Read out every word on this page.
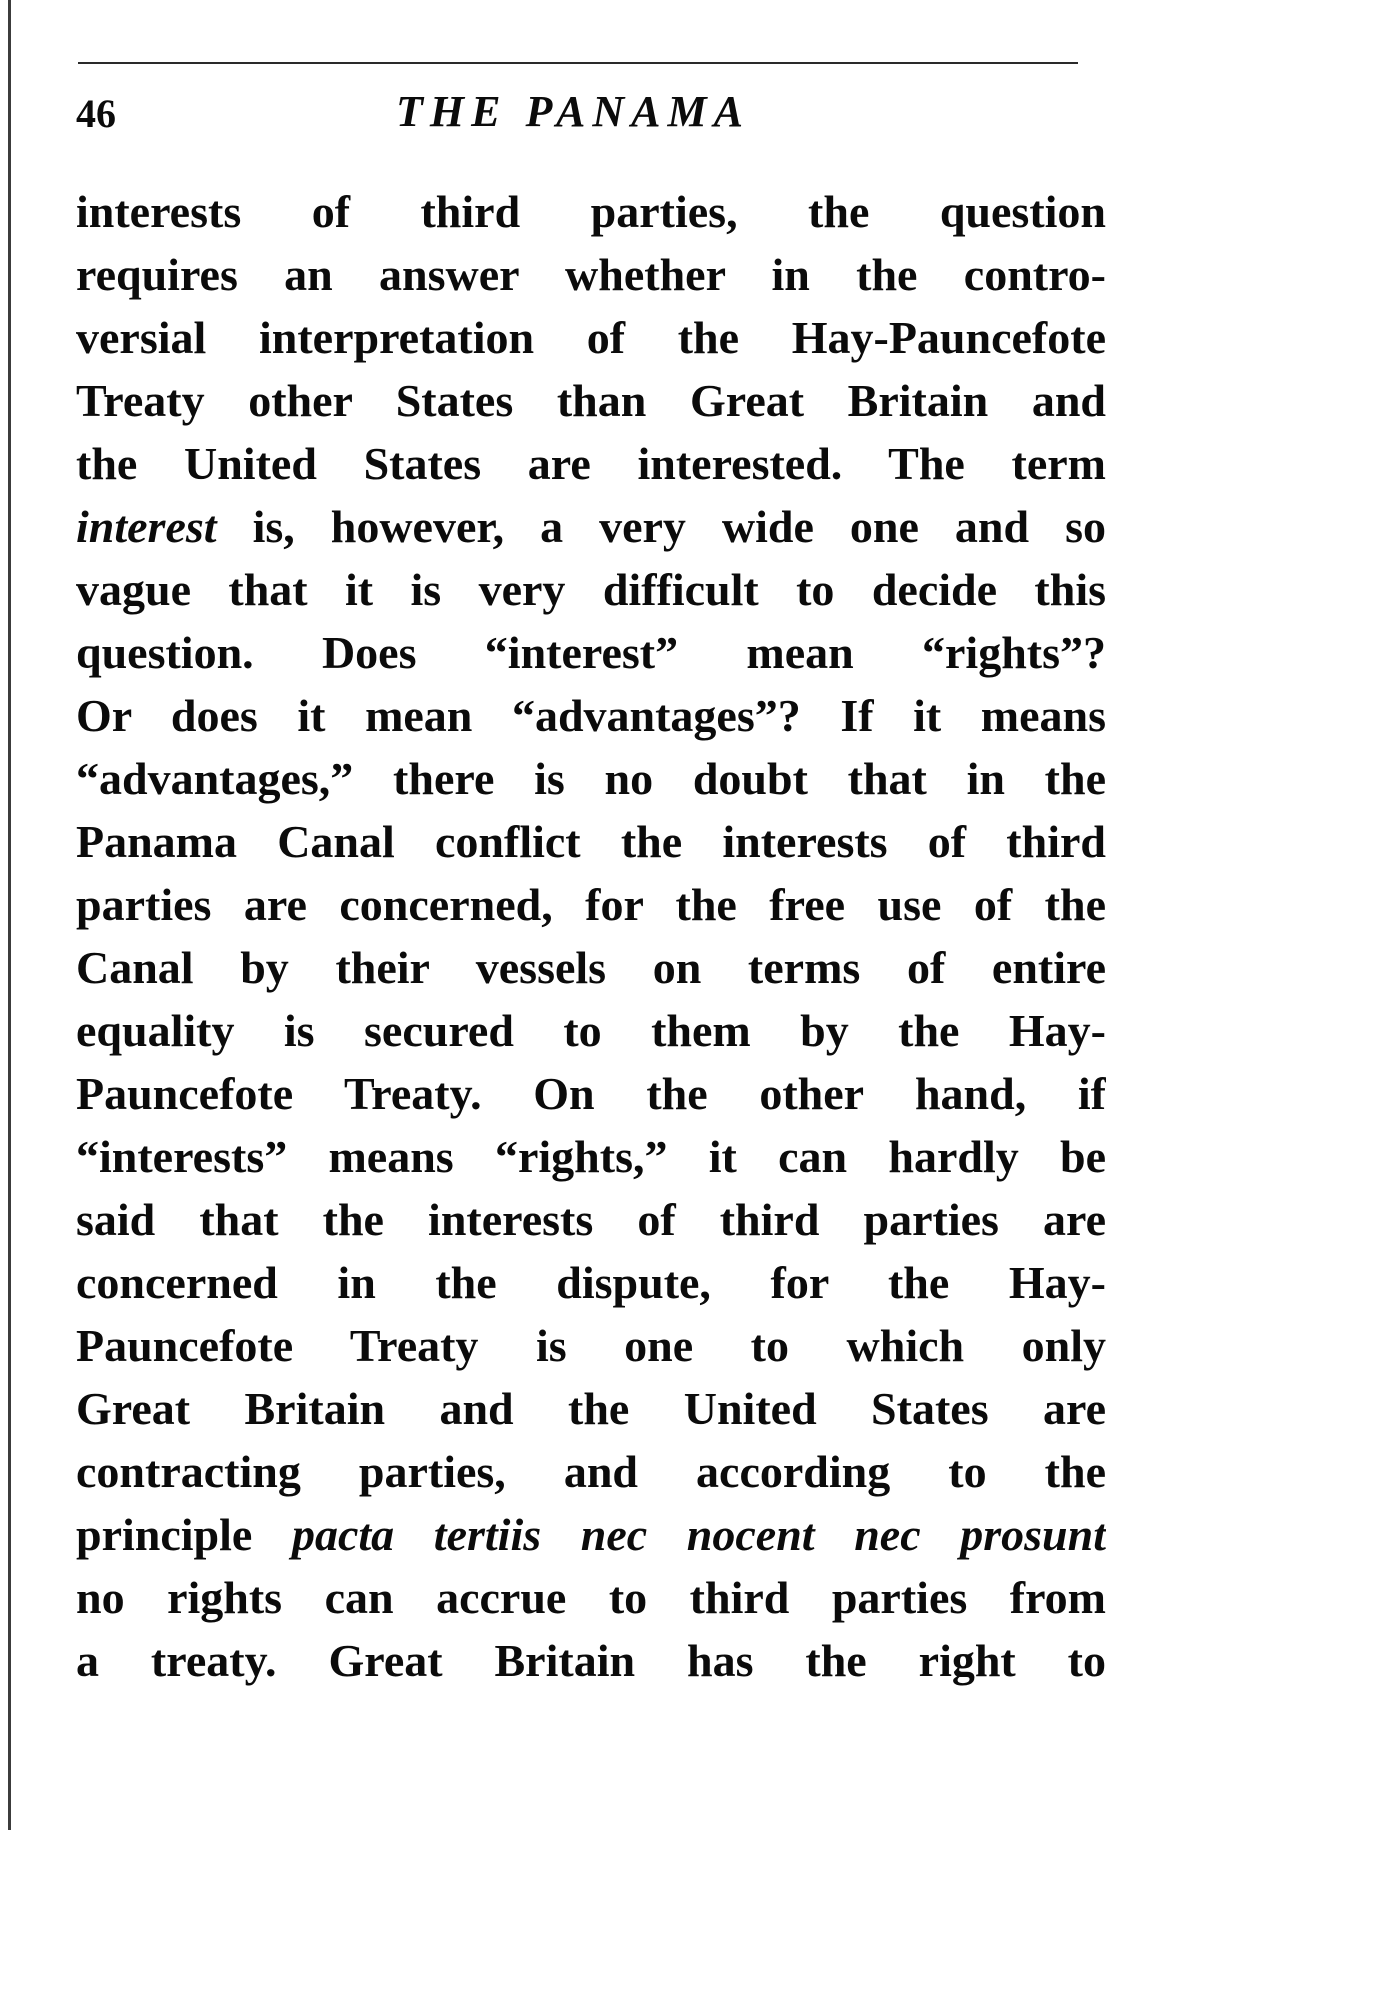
46	THE PANAMA
interests of third parties, the question
requires an answer whether in the contro-
versial interpretation of the Hay-Pauncefote
Treaty other States than Great Britain and
the United States are interested. The term
interest is, however, a very wide one and so
vague that it is very difficult to decide this
question. Does “interest” mean “rights”?
Or does it mean “advantages”? If it means
“advantages,” there is no doubt that in the
Panama Canal conflict the interests of third
parties are concerned, for the free use of the
Canal by their vessels on terms of entire
equality is secured to them by the Hay-
Pauncefote Treaty. On the other hand, if
“interests” means “rights,” it can hardly be
said that the interests of third parties are
concerned in the dispute, for the Hay-
Pauncefote Treaty is one to which only
Great Britain and the United States are
contracting parties, and according to the
principle pacta tertiis nec nocent nec prosunt
no rights can accrue to third parties from
a treaty. Great Britain has the right to
